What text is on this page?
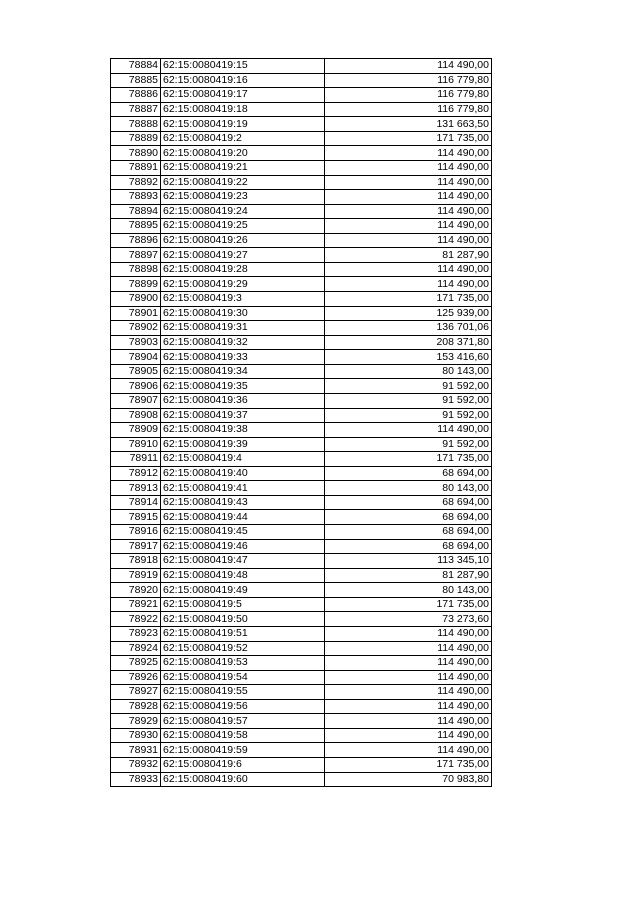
78884	62:15:0080419:15	114 490,00
78885	62:15:0080419:16	116 779,80
78886	62:15:0080419:17	116 779,80
78887	62:15:0080419:18	116 779,80
78888	62:15:0080419:19	131 663,50
78889	62:15:0080419:2	171 735,00
78890	62:15:0080419:20	114 490,00
78891	62:15:0080419:21	114 490,00
78892	62:15:0080419:22	114 490,00
78893	62:15:0080419:23	114 490,00
78894	62:15:0080419:24	114 490,00
78895	62:15:0080419:25	114 490,00
78896	62:15:0080419:26	114 490,00
78897	62:15:0080419:27	81 287,90
78898	62:15:0080419:28	114 490,00
78899	62:15:0080419:29	114 490,00
78900	62:15:0080419:3	171 735,00
78901	62:15:0080419:30	125 939,00
78902	62:15:0080419:31	136 701,06
78903	62:15:0080419:32	208 371,80
78904	62:15:0080419:33	153 416,60
78905	62:15:0080419:34	80 143,00
78906	62:15:0080419:35	91 592,00
78907	62:15:0080419:36	91 592,00
78908	62:15:0080419:37	91 592,00
78909	62:15:0080419:38	114 490,00
78910	62:15:0080419:39	91 592,00
78911	62:15:0080419:4	171 735,00
78912	62:15:0080419:40	68 694,00
78913	62:15:0080419:41	80 143,00
78914	62:15:0080419:43	68 694,00
78915	62:15:0080419:44	68 694,00
78916	62:15:0080419:45	68 694,00
78917	62:15:0080419:46	68 694,00
78918	62:15:0080419:47	113 345,10
78919	62:15:0080419:48	81 287,90
78920	62:15:0080419:49	80 143,00
78921	62:15:0080419:5	171 735,00
78922	62:15:0080419:50	73 273,60
78923	62:15:0080419:51	114 490,00
78924	62:15:0080419:52	114 490,00
78925	62:15:0080419:53	114 490,00
78926	62:15:0080419:54	114 490,00
78927	62:15:0080419:55	114 490,00
78928	62:15:0080419:56	114 490,00
78929	62:15:0080419:57	114 490,00
78930	62:15:0080419:58	114 490,00
78931	62:15:0080419:59	114 490,00
78932	62:15:0080419:6	171 735,00
78933	62:15:0080419:60	70 983,80
